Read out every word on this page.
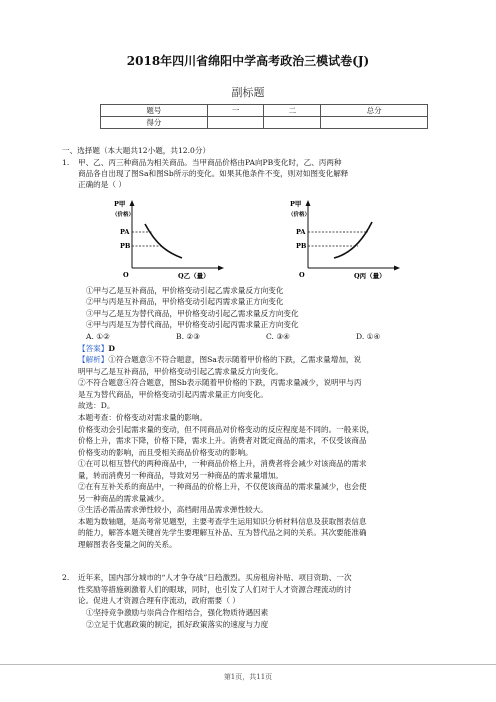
2018年四川省绵阳中学高考政治三模试卷(J)
副标题
题号	一	二	总分
得分			
一、选择题（本大题共12小题，共12.0分）
1. 甲、乙、丙三种商品为相关商品。当甲商品价格由PA向PB变化时，乙、丙两种
商品各自出现了图Sa和图Sb所示的变化。如果其他条件不变，则对如图变化解释
正确的是（ ）
P甲
（价格）
PA
PB
O	Q乙（量）
P甲
（价格）
PA
PB
O	Q丙（量）
①甲与乙是互补商品，甲价格变动引起乙需求量反方向变化
②甲与丙是互补商品，甲价格变动引起丙需求量正方向变化
③甲与乙是互为替代商品，甲价格变动引起乙需求量反方向变化
④甲与丙是互为替代商品，甲价格变动引起丙需求量正方向变化
A. ①②	B. ②③	C. ③④	D. ①④
【答案】D
【解析】①符合题意③不符合题意，图Sa表示随着甲价格的下跌，乙需求量增加，说
明甲与乙是互补商品，甲价格变动引起乙需求量反方向变化。
②不符合题意④符合题意，图Sb表示随着甲价格的下跌，丙需求量减少，说明甲与丙
是互为替代商品，甲价格变动引起丙需求量正方向变化。
故选：D。
本题考查：价格变动对需求量的影响。
价格变动会引起需求量的变动，但不同商品对价格变动的反应程度是不同的。一般来说，
价格上升，需求下降，价格下降，需求上升。消费者对既定商品的需求，不仅受该商品
价格变动的影响，而且受相关商品价格变动的影响。
①在可以相互替代的两种商品中，一种商品价格上升，消费者将会减少对该商品的需求
量，转而消费另一种商品，导致对另一种商品的需求量增加。
②在有互补关系的商品中，一种商品的价格上升，不仅使该商品的需求量减少，也会使
另一种商品的需求量减少。
③生活必需品需求弹性较小，高档耐用品需求弹性较大。
本题为数轴题，是高考常见题型，主要考查学生运用知识分析材料信息及获取图表信息
的能力，解答本题关键首先学生要理解互补品、互为替代品之间的关系。其次要能准确
理解图表各变量之间的关系。
2. 近年来，国内部分城市的“人才争夺战”日趋激烈。买房租房补贴、项目资助、一次
性奖励等措施刺激着人们的眼球，同时，也引发了人们对于人才资源合理流动的讨
论。促进人才资源合理有序流动，政府需要（ ）
①坚持竞争激励与崇尚合作相结合，强化物质待遇因素
②立足于优惠政策的制定，抓好政策落实的速度与力度
第1页，共11页
